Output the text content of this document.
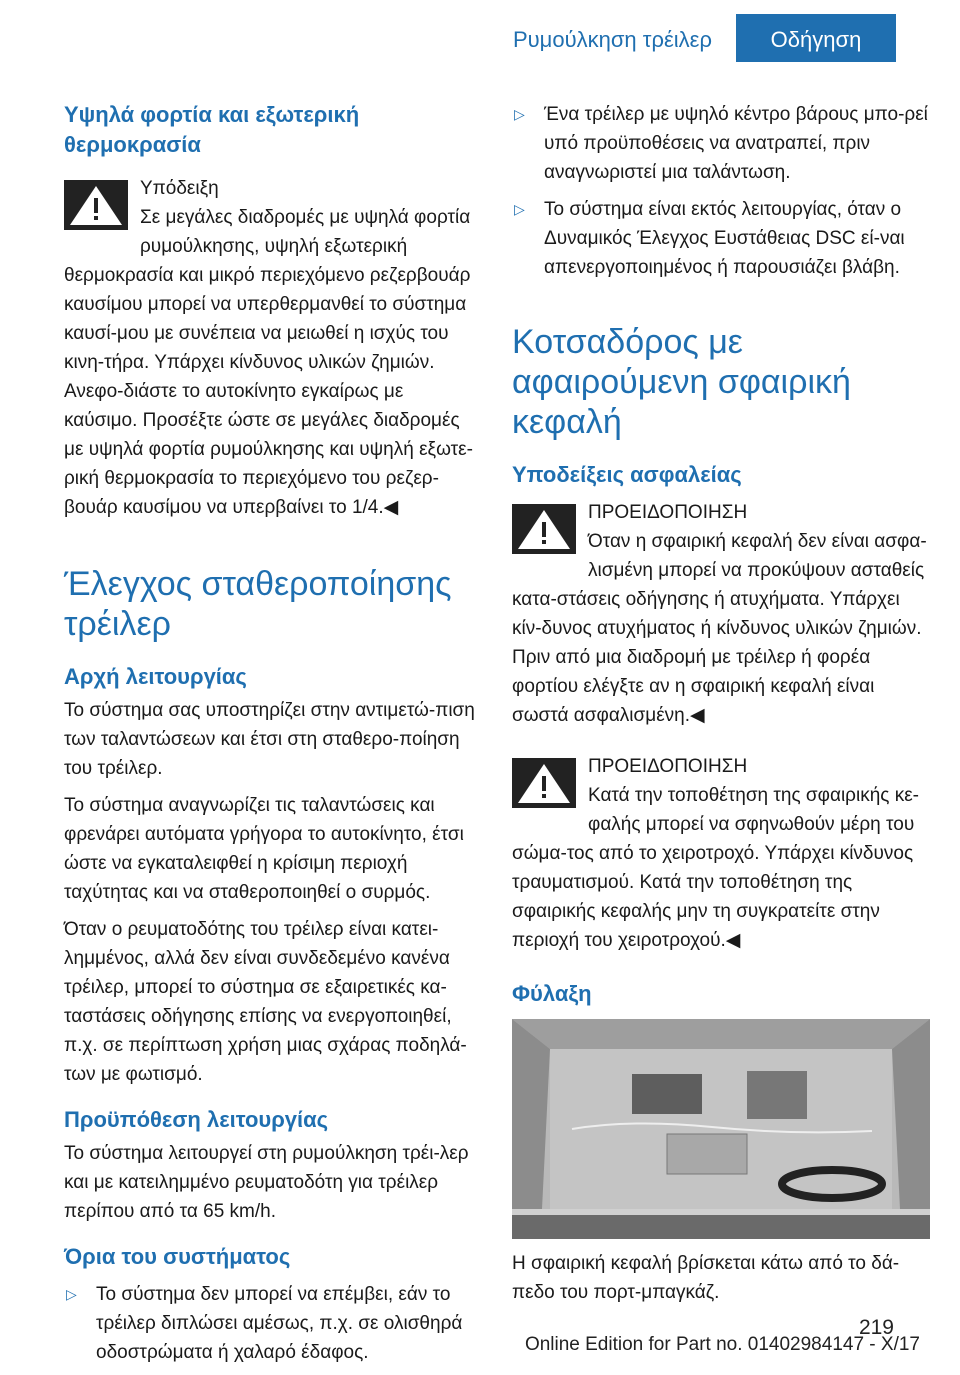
Ρυμούλκηση τρέιλερ	Οδήγηση
Υψηλά φορτία και εξωτερική θερμοκρασία

Υπόδειξη

Σε μεγάλες διαδρομές με υψηλά φορτία ρυμούλκησης, υψηλή εξωτερική θερμοκρασία και μικρό περιεχόμενο ρεζερβουάρ καυσίμου μπορεί να υπερθερμανθεί το σύστημα καυσί-μου με συνέπεια να μειωθεί η ισχύς του κινη-τήρα. Υπάρχει κίνδυνος υλικών ζημιών. Ανεφο-διάστε το αυτοκίνητο εγκαίρως με καύσιμο. Προσέξτε ώστε σε μεγάλες διαδρομές με υψηλά φορτία ρυμούλκησης και υψηλή εξωτε-ρική θερμοκρασία το περιεχόμενο του ρεζερ-βουάρ καυσίμου να υπερβαίνει το 1/4.◀

Έλεγχος σταθεροποίησης τρέιλερ
Αρχή λειτουργίας

Το σύστημα σας υποστηρίζει στην αντιμετώ-πιση των ταλαντώσεων και έτσι στη σταθερο-ποίηση του τρέιλερ.

Το σύστημα αναγνωρίζει τις ταλαντώσεις και φρενάρει αυτόματα γρήγορα το αυτοκίνητο, έτσι ώστε να εγκαταλειφθεί η κρίσιμη περιοχή ταχύτητας και να σταθεροποιηθεί ο συρμός.

Όταν ο ρευματοδότης του τρέιλερ είναι κατει-λημμένος, αλλά δεν είναι συνδεδεμένο κανένα τρέιλερ, μπορεί το σύστημα σε εξαιρετικές κα-ταστάσεις οδήγησης επίσης να ενεργοποιηθεί, π.χ. σε περίπτωση χρήση μιας σχάρας ποδηλά-των με φωτισμό.

Προϋπόθεση λειτουργίας

Το σύστημα λειτουργεί στη ρυμούλκηση τρέι-λερ και με κατειλημμένο ρευματοδότη για τρέιλερ περίπου από τα 65 km/h.

Όρια του συστήματος
▷ Το σύστημα δεν μπορεί να επέμβει, εάν το τρέιλερ διπλώσει αμέσως, π.χ. σε ολισθηρά οδοστρώματα ή χαλαρό έδαφος.
▷ Ένα τρέιλερ με υψηλό κέντρο βάρους μπο-ρεί υπό προϋποθέσεις να ανατραπεί, πριν αναγνωριστεί μια ταλάντωση.
▷ Το σύστημα είναι εκτός λειτουργίας, όταν ο Δυναμικός Έλεγχος Ευστάθειας DSC εί-ναι απενεργοποιημένος ή παρουσιάζει βλάβη.
Κοτσαδόρος με αφαιρούμενη σφαιρική κεφαλή
Υποδείξεις ασφαλείας

ΠΡΟΕΙΔΟΠΟΙΗΣΗ

Όταν η σφαιρική κεφαλή δεν είναι ασφα-λισμένη μπορεί να προκύψουν ασταθείς κατα-στάσεις οδήγησης ή ατυχήματα. Υπάρχει κίν-δυνος ατυχήματος ή κίνδυνος υλικών ζημιών. Πριν από μια διαδρομή με τρέιλερ ή φορέα φορτίου ελέγξτε αν η σφαιρική κεφαλή είναι σωστά ασφαλισμένη.◀

ΠΡΟΕΙΔΟΠΟΙΗΣΗ

Κατά την τοποθέτηση της σφαιρικής κε-φαλής μπορεί να σφηνωθούν μέρη του σώμα-τος από το χειροτροχό. Υπάρχει κίνδυνος τραυματισμού. Κατά την τοποθέτηση της σφαιρικής κεφαλής μην τη συγκρατείτε στην περιοχή του χειροτροχού.◀

Φύλαξη

Η σφαιρική κεφαλή βρίσκεται κάτω από το δά-πεδο του πορτ-μπαγκάζ.

219
Online Edition for Part no. 01402984147 - X/17
